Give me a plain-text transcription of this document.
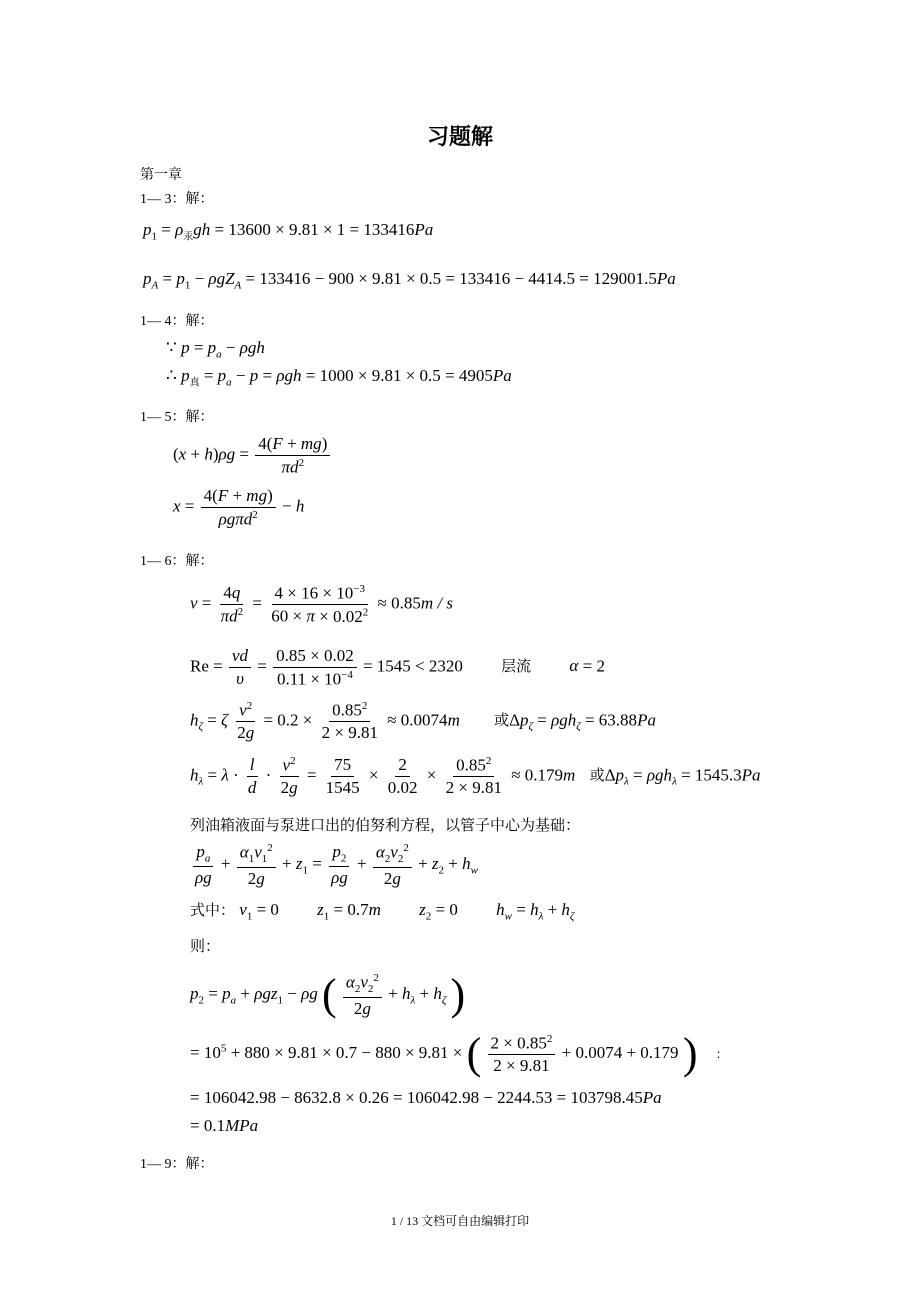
习题解
第一章
1— 3：解：
$p_1 = \rho_汞gh = 13600 \times 9.81 \times 1 = 133416Pa$
$p_A = p_1 - \rho gZ_A = 133416 - 900 \times 9.81 \times 0.5 = 133416 - 4414.5 = 129001.5Pa$
1— 4：解：
∵ $p = p_a - \rho gh$
∴ $p_真 = p_a - p = \rho gh = 1000 \times 9.81 \times 0.5 = 4905Pa$
1— 5：解：
$(x + h)\rho g = \frac{4(F + mg)}{\pi d^2}$
$x = \frac{4(F + mg)}{\rho g\pi d^2} - h$
1— 6：解：
$v = \frac{4q}{\pi d^2} = \frac{4 \times 16 \times 10^{-3}}{60 \times \pi \times 0.02^2} \approx 0.85m / s$
$Re = \frac{vd}{\upsilon} = \frac{0.85 \times 0.02}{0.11 \times 10^{-4}} = 1545 < 2320$	层流 α = 2
$h_\zeta = \zeta \frac{v^2}{2g} = 0.2 \times \frac{0.85^2}{2 \times 9.81} \approx 0.0074m$ 或$\Delta p_\zeta = \rho gh_\zeta = 63.88Pa$
$h_\lambda = \lambda \cdot \frac{l}{d} \cdot \frac{v^2}{2g} = \frac{75}{1545} \times \frac{2}{0.02} \times \frac{0.85^2}{2 \times 9.81} \approx 0.179m$ 或$\Delta p_\lambda = \rho gh_\lambda = 1545.3Pa$
列油箱液面与泵进口出的伯努利方程，以管子中心为基础：
$\frac{p_a}{\rho g} + \frac{\alpha_1v_1^2}{2g} + z_1 = \frac{p_2}{\rho g} + \frac{\alpha_2v_2^2}{2g} + z_2 + h_w$
式中： $v_1 = 0$ $z_1 = 0.7m$ $z_2 = 0$ $h_w = h_\lambda + h_\zeta$
则：
$p_2 = p_a + \rho gz_1 - \rho g$ ( $\frac{\alpha_2v_2^2}{2g} + h_\lambda + h_\zeta$ )
= $10^5 + 880 \times 9.81 \times 0.7 - 880 \times 9.81$ × ( $\frac{2 \times 0.85^2}{2 \times 9.81} + 0.0074 + 0.179$ ) ：
= 106042.98 − 8632.8 × 0.26 = 106042.98 − 2244.53 = 103798.45Pa
= 0.1MPa
1— 9：解：
1 / 13 文档可自由编辑打印
